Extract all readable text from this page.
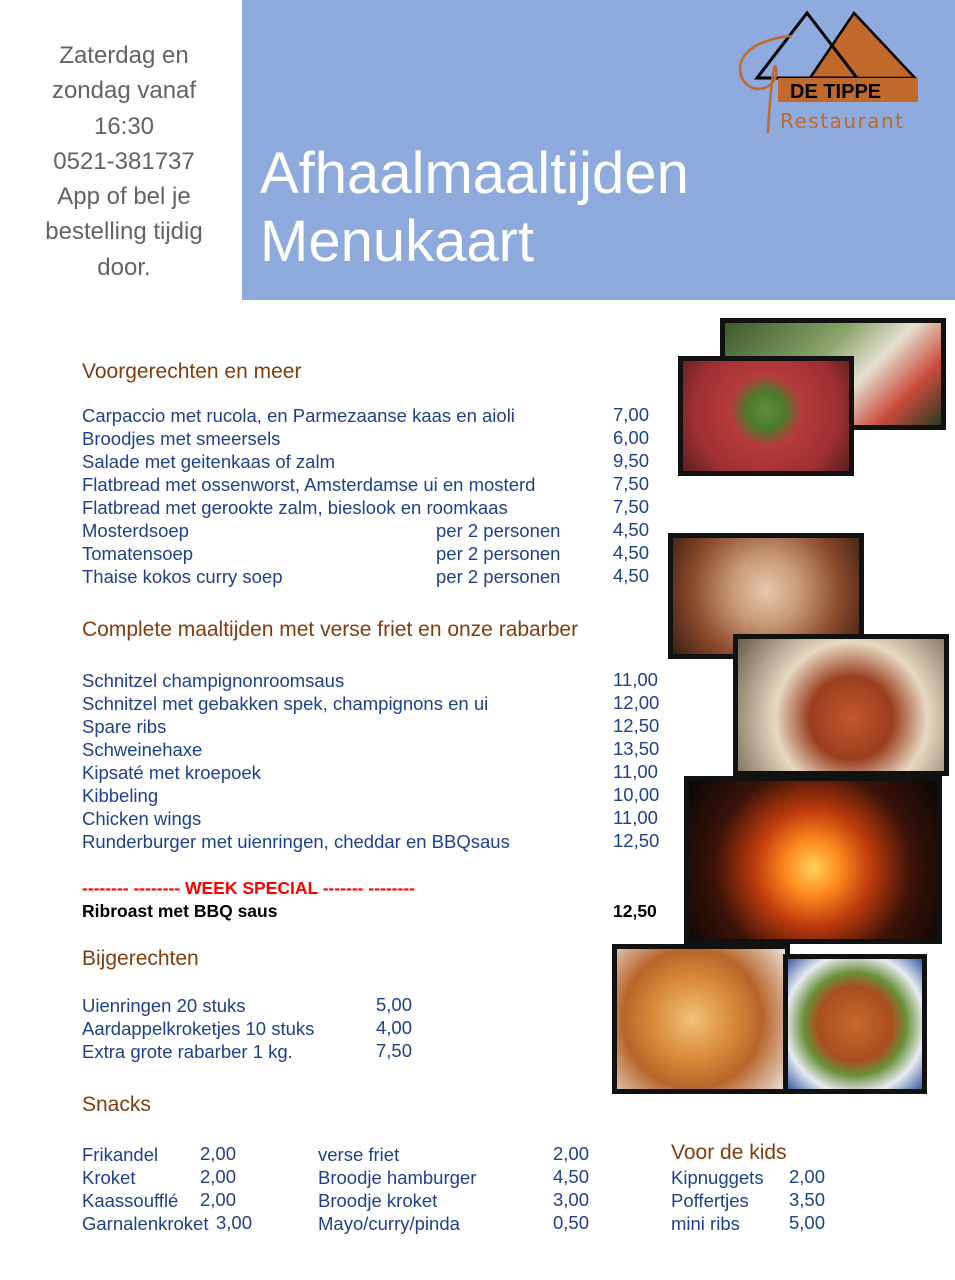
Zaterdag en
zondag vanaf
16:30
0521-381737
App of bel je
bestelling tijdig
door.
Afhaalmaaltijden
Menukaart
DE TIPPE
Restaurant
Voorgerechten en meer
Carpaccio met rucola, en Parmezaanse kaas en aioli	7,00
Broodjes met smeersels	6,00
Salade met geitenkaas of zalm	9,50
Flatbread met ossenworst, Amsterdamse ui en mosterd	7,50
Flatbread met gerookte zalm, bieslook en roomkaas	7,50
Mosterdsoep	per 2 personen	4,50
Tomatensoep	per 2 personen	4,50
Thaise kokos curry soep	per 2 personen	4,50
Complete maaltijden met verse friet en onze rabarber
Schnitzel champignonroomsaus	11,00
Schnitzel met gebakken spek, champignons en ui	12,00
Spare ribs	12,50
Schweinehaxe	13,50
Kipsaté met kroepoek	11,00
Kibbeling	10,00
Chicken wings	11,00
Runderburger met uienringen, cheddar en BBQsaus	12,50
-------- -------- WEEK SPECIAL ------- --------
Ribroast met BBQ saus	12,50
Bijgerechten
Uienringen 20 stuks	5,00
Aardappelkroketjes 10 stuks	4,00
Extra grote rabarber 1 kg.	7,50
Snacks
Frikandel 2,00
Kroket	2,00
Kaassoufflé 2,00
Garnalenkroket 3,00
verse friet	2,00
Broodje hamburger	4,50
Broodje kroket	3,00
Mayo/curry/pinda	0,50
Voor de kids
Kipnuggets 2,00
Poffertjes 3,50
mini ribs	5,00
